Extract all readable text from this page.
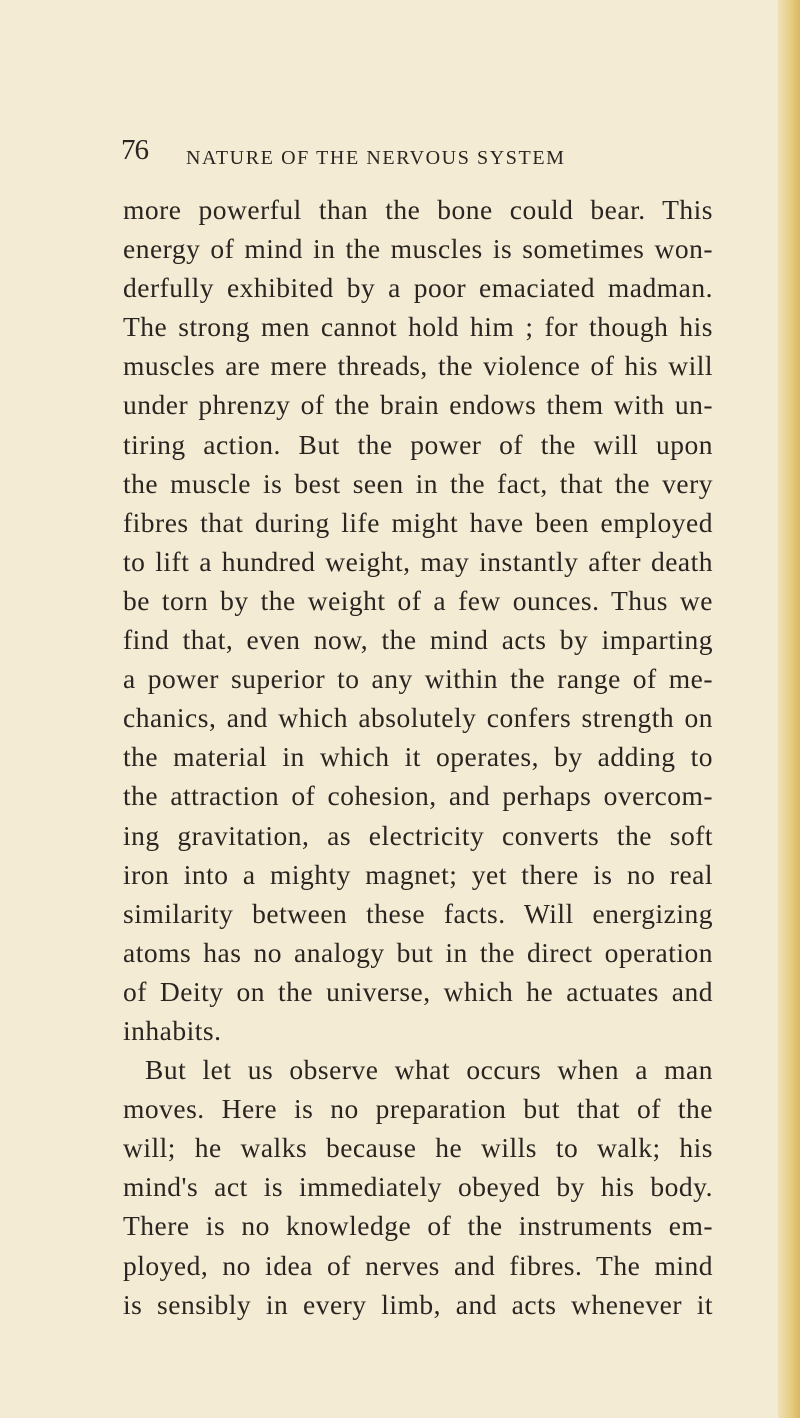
76 NATURE OF THE NERVOUS SYSTEM
more powerful than the bone could bear. This
energy of mind in the muscles is sometimes won-
derfully exhibited by a poor emaciated madman.
The strong men cannot hold him ; for though his
muscles are mere threads, the violence of his will
under phrenzy of the brain endows them with un-
tiring action. But the power of the will upon
the muscle is best seen in the fact, that the very
fibres that during life might have been employed
to lift a hundred weight, may instantly after death
be torn by the weight of a few ounces. Thus we
find that, even now, the mind acts by imparting
a power superior to any within the range of me-
chanics, and which absolutely confers strength on
the material in which it operates, by adding to
the attraction of cohesion, and perhaps overcom-
ing gravitation, as electricity converts the soft
iron into a mighty magnet; yet there is no real
similarity between these facts. Will energizing
atoms has no analogy but in the direct operation
of Deity on the universe, which he actuates and
inhabits.
But let us observe what occurs when a man
moves. Here is no preparation but that of the
will; he walks because he wills to walk; his
mind's act is immediately obeyed by his body.
There is no knowledge of the instruments em-
ployed, no idea of nerves and fibres. The mind
is sensibly in every limb, and acts whenever it
